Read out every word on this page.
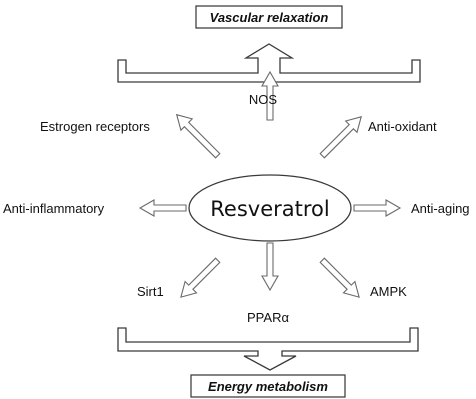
Vascular relaxation
Resveratrol
NOS
Anti-oxidant
Anti-aging
AMPK
PPARα
Sirt1
Anti-inflammatory
Estrogen receptors
Energy metabolism
